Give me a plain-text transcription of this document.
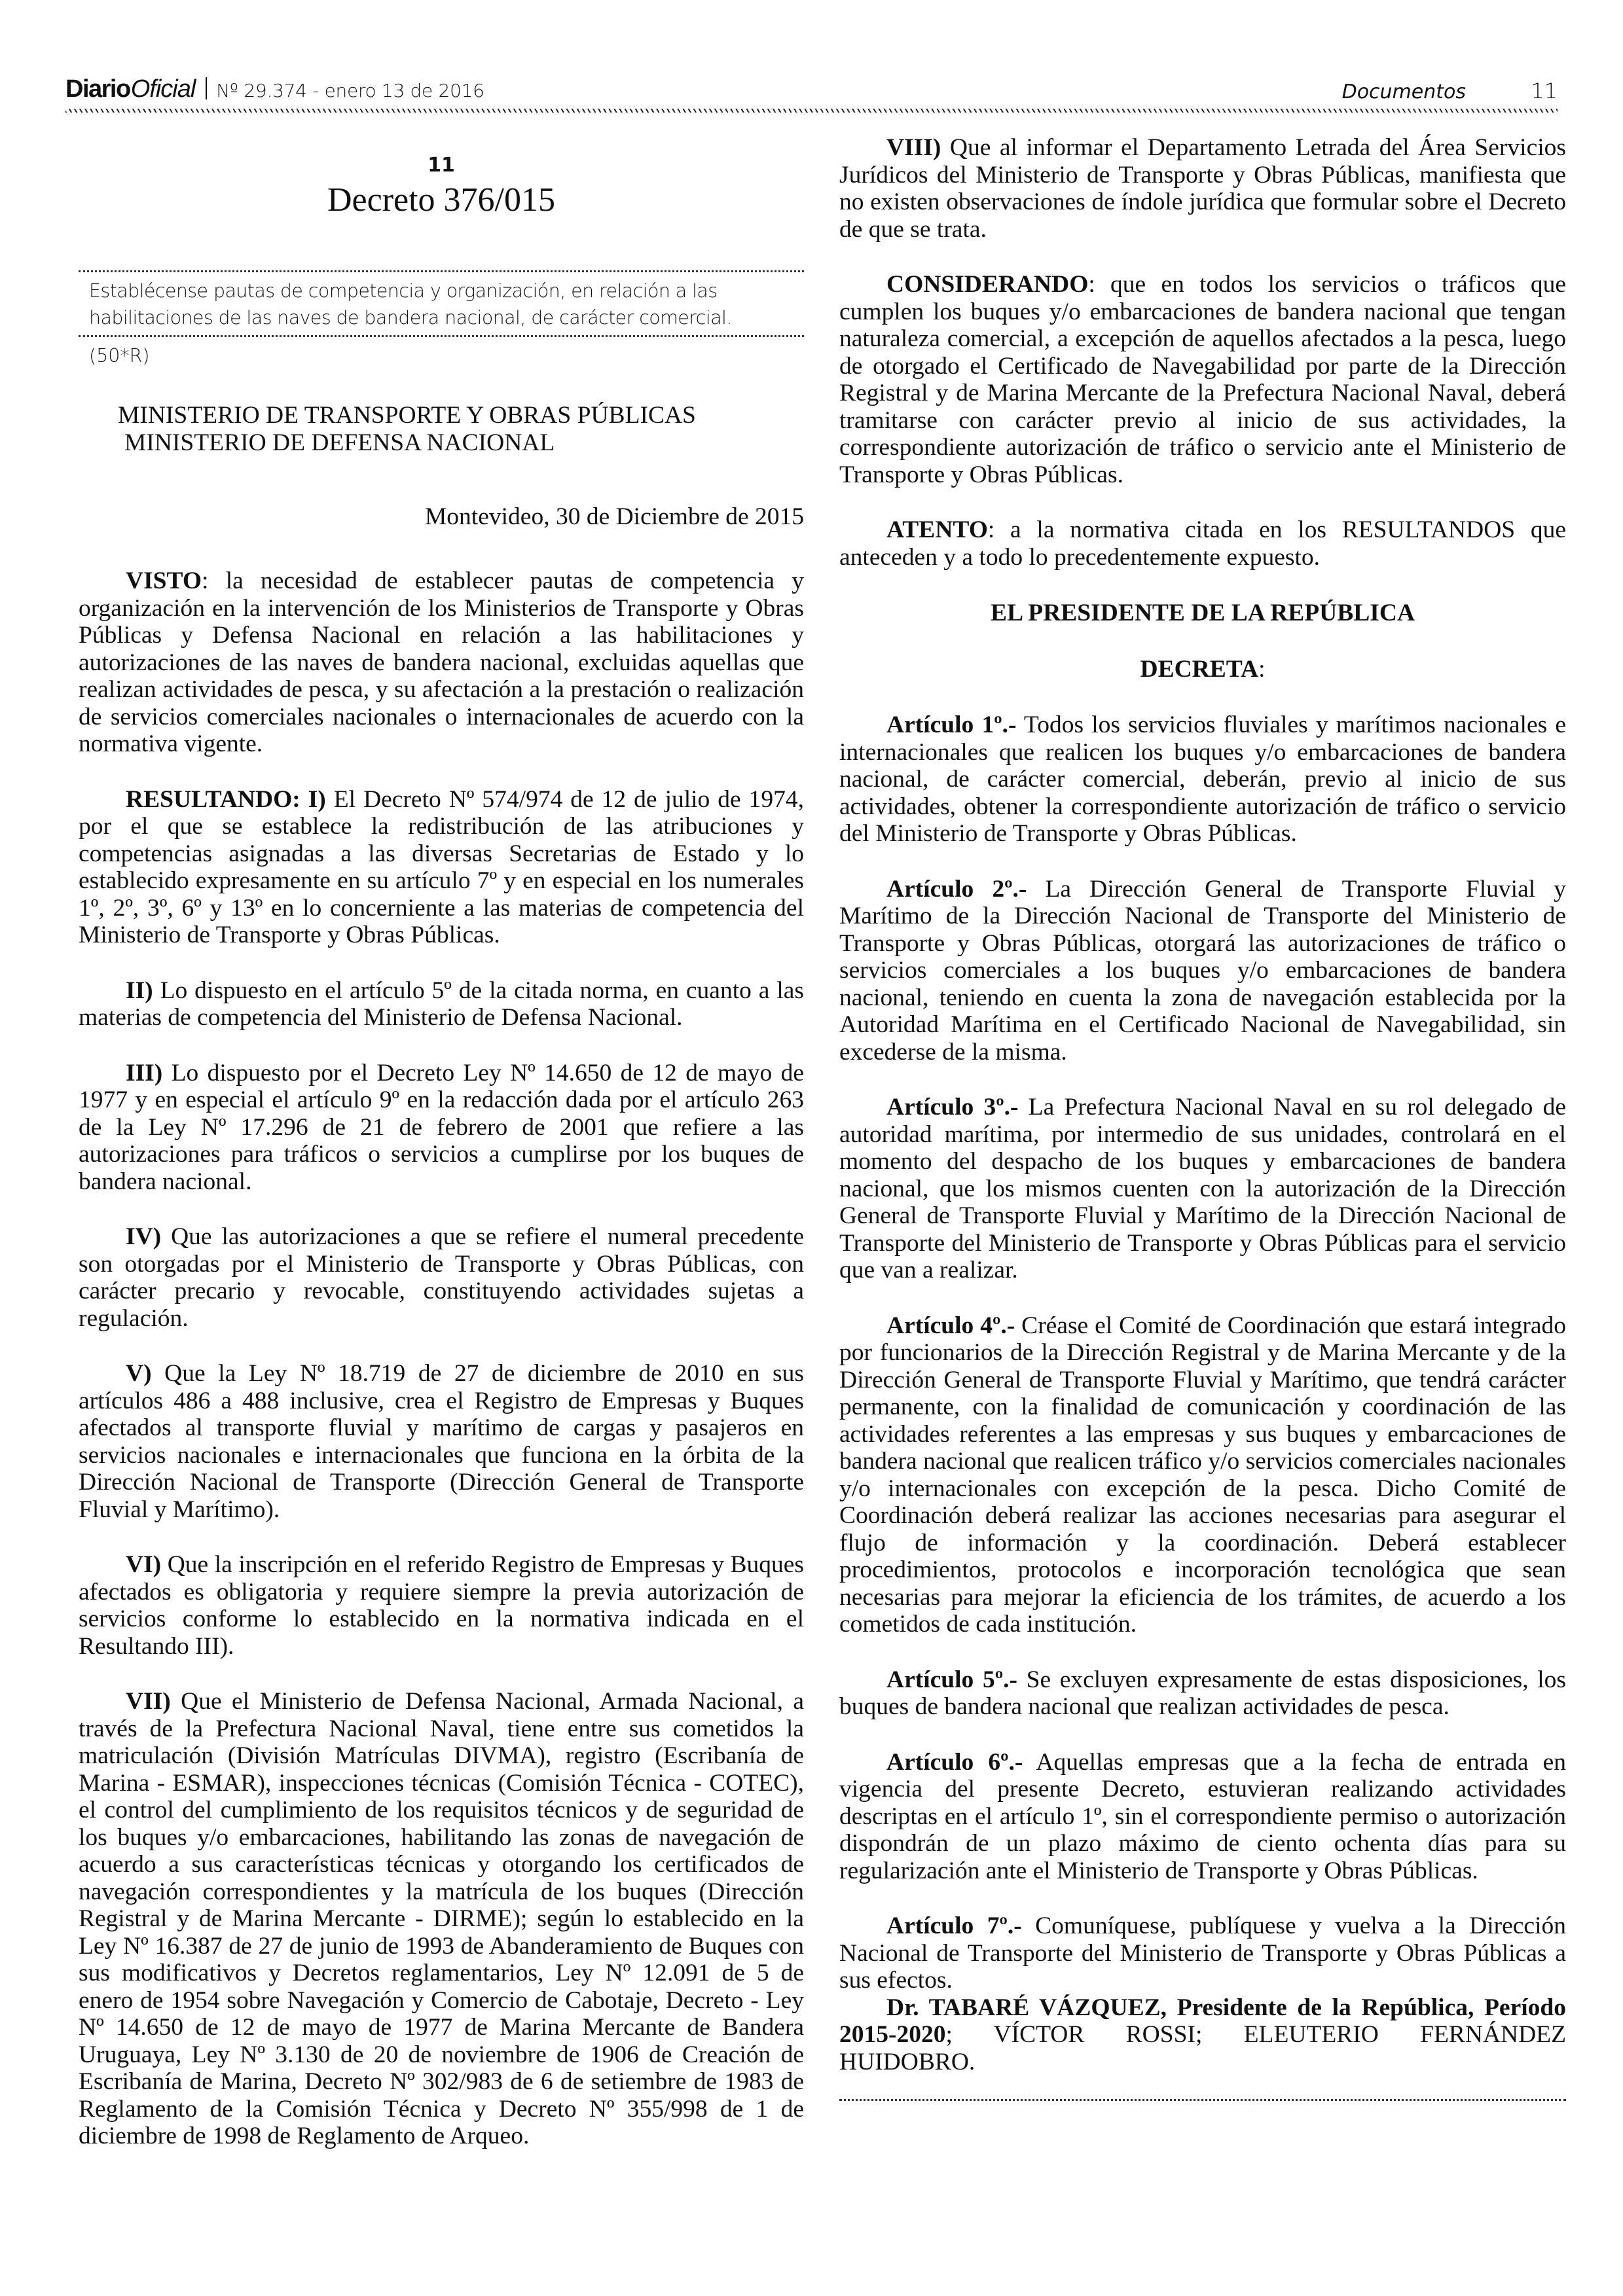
Diario Oficial Nº 29.374 - enero 13 de 2016	Documentos	11
11
Decreto 376/015
Establécense pautas de competencia y organización, en relación a las habilitaciones de las naves de bandera nacional, de carácter comercial.
(50*R)
MINISTERIO DE TRANSPORTE Y OBRAS PÚBLICAS
MINISTERIO DE DEFENSA NACIONAL
Montevideo, 30 de Diciembre de 2015

VISTO: la necesidad de establecer pautas de competencia y organización en la intervención de los Ministerios de Transporte y Obras Públicas y Defensa Nacional en relación a las habilitaciones y autorizaciones de las naves de bandera nacional, excluidas aquellas que realizan actividades de pesca, y su afectación a la prestación o realización de servicios comerciales nacionales o internacionales de acuerdo con la normativa vigente.

RESULTANDO: I) El Decreto Nº 574/974 de 12 de julio de 1974, por el que se establece la redistribución de las atribuciones y competencias asignadas a las diversas Secretarias de Estado y lo establecido expresamente en su artículo 7º y en especial en los numerales 1º, 2º, 3º, 6º y 13º en lo concerniente a las materias de competencia del Ministerio de Transporte y Obras Públicas.

II) Lo dispuesto en el artículo 5º de la citada norma, en cuanto a las materias de competencia del Ministerio de Defensa Nacional.

III) Lo dispuesto por el Decreto Ley Nº 14.650 de 12 de mayo de 1977 y en especial el artículo 9º en la redacción dada por el artículo 263 de la Ley Nº 17.296 de 21 de febrero de 2001 que refiere a las autorizaciones para tráficos o servicios a cumplirse por los buques de bandera nacional.

IV) Que las autorizaciones a que se refiere el numeral precedente son otorgadas por el Ministerio de Transporte y Obras Públicas, con carácter precario y revocable, constituyendo actividades sujetas a regulación.

V) Que la Ley Nº 18.719 de 27 de diciembre de 2010 en sus artículos 486 a 488 inclusive, crea el Registro de Empresas y Buques afectados al transporte fluvial y marítimo de cargas y pasajeros en servicios nacionales e internacionales que funciona en la órbita de la Dirección Nacional de Transporte (Dirección General de Transporte Fluvial y Marítimo).

VI) Que la inscripción en el referido Registro de Empresas y Buques afectados es obligatoria y requiere siempre la previa autorización de servicios conforme lo establecido en la normativa indicada en el Resultando III).

VII) Que el Ministerio de Defensa Nacional, Armada Nacional, a través de la Prefectura Nacional Naval, tiene entre sus cometidos la matriculación (División Matrículas DIVMA), registro (Escribanía de Marina - ESMAR), inspecciones técnicas (Comisión Técnica - COTEC), el control del cumplimiento de los requisitos técnicos y de seguridad de los buques y/o embarcaciones, habilitando las zonas de navegación de acuerdo a sus características técnicas y otorgando los certificados de navegación correspondientes y la matrícula de los buques (Dirección Registral y de Marina Mercante - DIRME); según lo establecido en la Ley Nº 16.387 de 27 de junio de 1993 de Abanderamiento de Buques con sus modificativos y Decretos reglamentarios, Ley Nº 12.091 de 5 de enero de 1954 sobre Navegación y Comercio de Cabotaje, Decreto - Ley Nº 14.650 de 12 de mayo de 1977 de Marina Mercante de Bandera Uruguaya, Ley Nº 3.130 de 20 de noviembre de 1906 de Creación de Escribanía de Marina, Decreto Nº 302/983 de 6 de setiembre de 1983 de Reglamento de la Comisión Técnica y Decreto Nº 355/998 de 1 de diciembre de 1998 de Reglamento de Arqueo.

VIII) Que al informar el Departamento Letrada del Área Servicios Jurídicos del Ministerio de Transporte y Obras Públicas, manifiesta que no existen observaciones de índole jurídica que formular sobre el Decreto de que se trata.

CONSIDERANDO: que en todos los servicios o tráficos que cumplen los buques y/o embarcaciones de bandera nacional que tengan naturaleza comercial, a excepción de aquellos afectados a la pesca, luego de otorgado el Certificado de Navegabilidad por parte de la Dirección Registral y de Marina Mercante de la Prefectura Nacional Naval, deberá tramitarse con carácter previo al inicio de sus actividades, la correspondiente autorización de tráfico o servicio ante el Ministerio de Transporte y Obras Públicas.

ATENTO: a la normativa citada en los RESULTANDOS que anteceden y a todo lo precedentemente expuesto.

EL PRESIDENTE DE LA REPÚBLICA

DECRETA:

Artículo 1º.- Todos los servicios fluviales y marítimos nacionales e internacionales que realicen los buques y/o embarcaciones de bandera nacional, de carácter comercial, deberán, previo al inicio de sus actividades, obtener la correspondiente autorización de tráfico o servicio del Ministerio de Transporte y Obras Públicas.

Artículo 2º.- La Dirección General de Transporte Fluvial y Marítimo de la Dirección Nacional de Transporte del Ministerio de Transporte y Obras Públicas, otorgará las autorizaciones de tráfico o servicios comerciales a los buques y/o embarcaciones de bandera nacional, teniendo en cuenta la zona de navegación establecida por la Autoridad Marítima en el Certificado Nacional de Navegabilidad, sin excederse de la misma.

Artículo 3º.- La Prefectura Nacional Naval en su rol delegado de autoridad marítima, por intermedio de sus unidades, controlará en el momento del despacho de los buques y embarcaciones de bandera nacional, que los mismos cuenten con la autorización de la Dirección General de Transporte Fluvial y Marítimo de la Dirección Nacional de Transporte del Ministerio de Transporte y Obras Públicas para el servicio que van a realizar.

Artículo 4º.- Créase el Comité de Coordinación que estará integrado por funcionarios de la Dirección Registral y de Marina Mercante y de la Dirección General de Transporte Fluvial y Marítimo, que tendrá carácter permanente, con la finalidad de comunicación y coordinación de las actividades referentes a las empresas y sus buques y embarcaciones de bandera nacional que realicen tráfico y/o servicios comerciales nacionales y/o internacionales con excepción de la pesca. Dicho Comité de Coordinación deberá realizar las acciones necesarias para asegurar el flujo de información y la coordinación. Deberá establecer procedimientos, protocolos e incorporación tecnológica que sean necesarias para mejorar la eficiencia de los trámites, de acuerdo a los cometidos de cada institución.

Artículo 5º.- Se excluyen expresamente de estas disposiciones, los buques de bandera nacional que realizan actividades de pesca.

Artículo 6º.- Aquellas empresas que a la fecha de entrada en vigencia del presente Decreto, estuvieran realizando actividades descriptas en el artículo 1º, sin el correspondiente permiso o autorización dispondrán de un plazo máximo de ciento ochenta días para su regularización ante el Ministerio de Transporte y Obras Públicas.

Artículo 7º.- Comuníquese, publíquese y vuelva a la Dirección Nacional de Transporte del Ministerio de Transporte y Obras Públicas a sus efectos.

Dr. TABARÉ VÁZQUEZ, Presidente de la República, Período 2015-2020; VÍCTOR ROSSI; ELEUTERIO FERNÁNDEZ HUIDOBRO.
